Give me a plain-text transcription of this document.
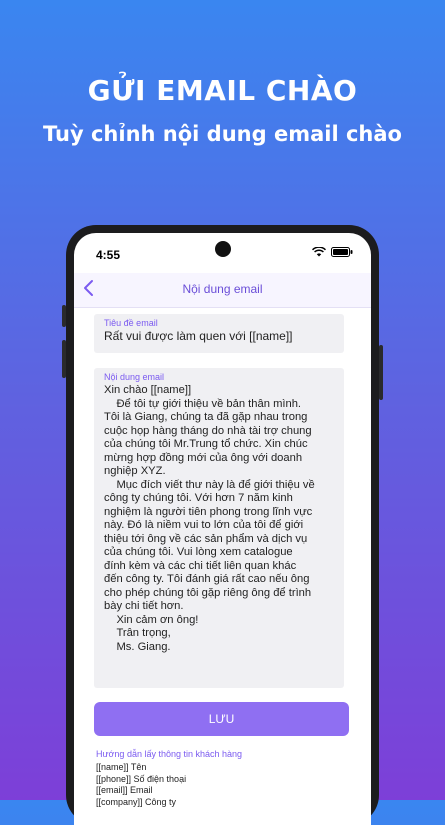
GỬI EMAIL CHÀO
Tuỳ chỉnh nội dung email chào
4:55
Nội dung email
Tiêu đề email
Rất vui được làm quen với [[name]]
Nội dung email
Xin chào [[name]]
Để tôi tự giới thiệu về bản thân mình.
Tôi là Giang, chúng ta đã gặp nhau trong
cuộc họp hàng tháng do nhà tài trợ chung
của chúng tôi Mr.Trung tổ chức. Xin chúc
mừng hợp đồng mới của ông với doanh
nghiệp XYZ.
Mục đích viết thư này là để giới thiệu về
công ty chúng tôi. Với hơn 7 năm kinh
nghiệm là người tiên phong trong lĩnh vực
này. Đó là niềm vui to lớn của tôi để giới
thiệu tới ông về các sản phẩm và dịch vụ
của chúng tôi. Vui lòng xem catalogue
đính kèm và các chi tiết liên quan khác
đến công ty. Tôi đánh giá rất cao nếu ông
cho phép chúng tôi gặp riêng ông để trình
bày chi tiết hơn.
Xin cảm ơn ông!
Trân trọng,
Ms. Giang.
LƯU
Hướng dẫn lấy thông tin khách hàng
[[name]] Tên
[[phone]] Số điện thoại
[[email]] Email
[[company]] Công ty
